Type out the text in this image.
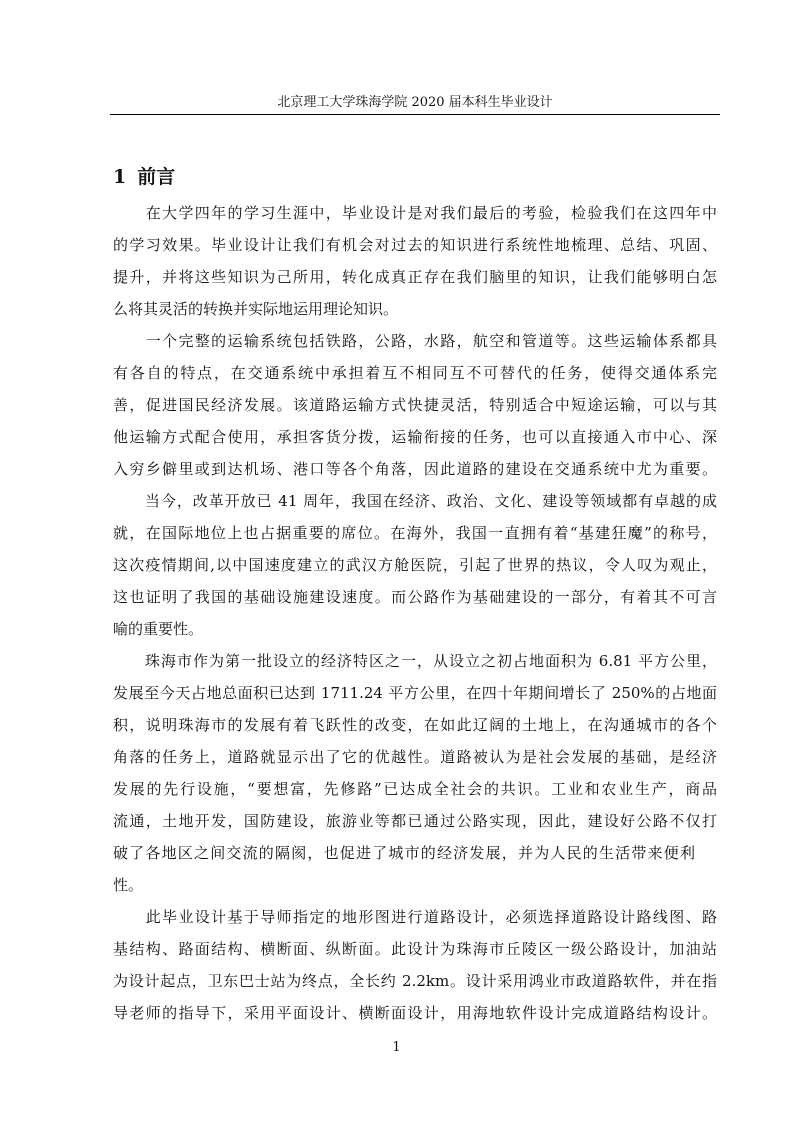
北京理工大学珠海学院 2020 届本科生毕业设计
1 前言

　　在大学四年的学习生涯中，毕业设计是对我们最后的考验，检验我们在这四年中

的学习效果。毕业设计让我们有机会对过去的知识进行系统性地梳理、总结、巩固、

提升，并将这些知识为己所用，转化成真正存在我们脑里的知识，让我们能够明白怎

么将其灵活的转换并实际地运用理论知识。

　　一个完整的运输系统包括铁路，公路，水路，航空和管道等。这些运输体系都具

有各自的特点，在交通系统中承担着互不相同互不可替代的任务，使得交通体系完

善，促进国民经济发展。该道路运输方式快捷灵活，特别适合中短途运输，可以与其

他运输方式配合使用，承担客货分拨，运输衔接的任务，也可以直接通入市中心、深

入穷乡僻里或到达机场、港口等各个角落，因此道路的建设在交通系统中尤为重要。

　　当今，改革开放已 41 周年，我国在经济、政治、文化、建设等领域都有卓越的成

就，在国际地位上也占据重要的席位。在海外，我国一直拥有着“基建狂魔”的称号，

这次疫情期间,以中国速度建立的武汉方舱医院，引起了世界的热议，令人叹为观止，

这也证明了我国的基础设施建设速度。而公路作为基础建设的一部分，有着其不可言

喻的重要性。

　　珠海市作为第一批设立的经济特区之一，从设立之初占地面积为 6.81 平方公里，

发展至今天占地总面积已达到 1711.24 平方公里，在四十年期间增长了 250%的占地面

积，说明珠海市的发展有着飞跃性的改变，在如此辽阔的土地上，在沟通城市的各个

角落的任务上，道路就显示出了它的优越性。道路被认为是社会发展的基础，是经济

发展的先行设施，“要想富，先修路”已达成全社会的共识。工业和农业生产，商品

流通，土地开发，国防建设，旅游业等都已通过公路实现，因此，建设好公路不仅打

破了各地区之间交流的隔阂，也促进了城市的经济发展，并为人民的生活带来便利

性。

　　此毕业设计基于导师指定的地形图进行道路设计，必须选择道路设计路线图、路

基结构、路面结构、横断面、纵断面。此设计为珠海市丘陵区一级公路设计，加油站

为设计起点，卫东巴士站为终点，全长约 2.2km。设计采用鸿业市政道路软件，并在指

导老师的指导下，采用平面设计、横断面设计，用海地软件设计完成道路结构设计。

1
